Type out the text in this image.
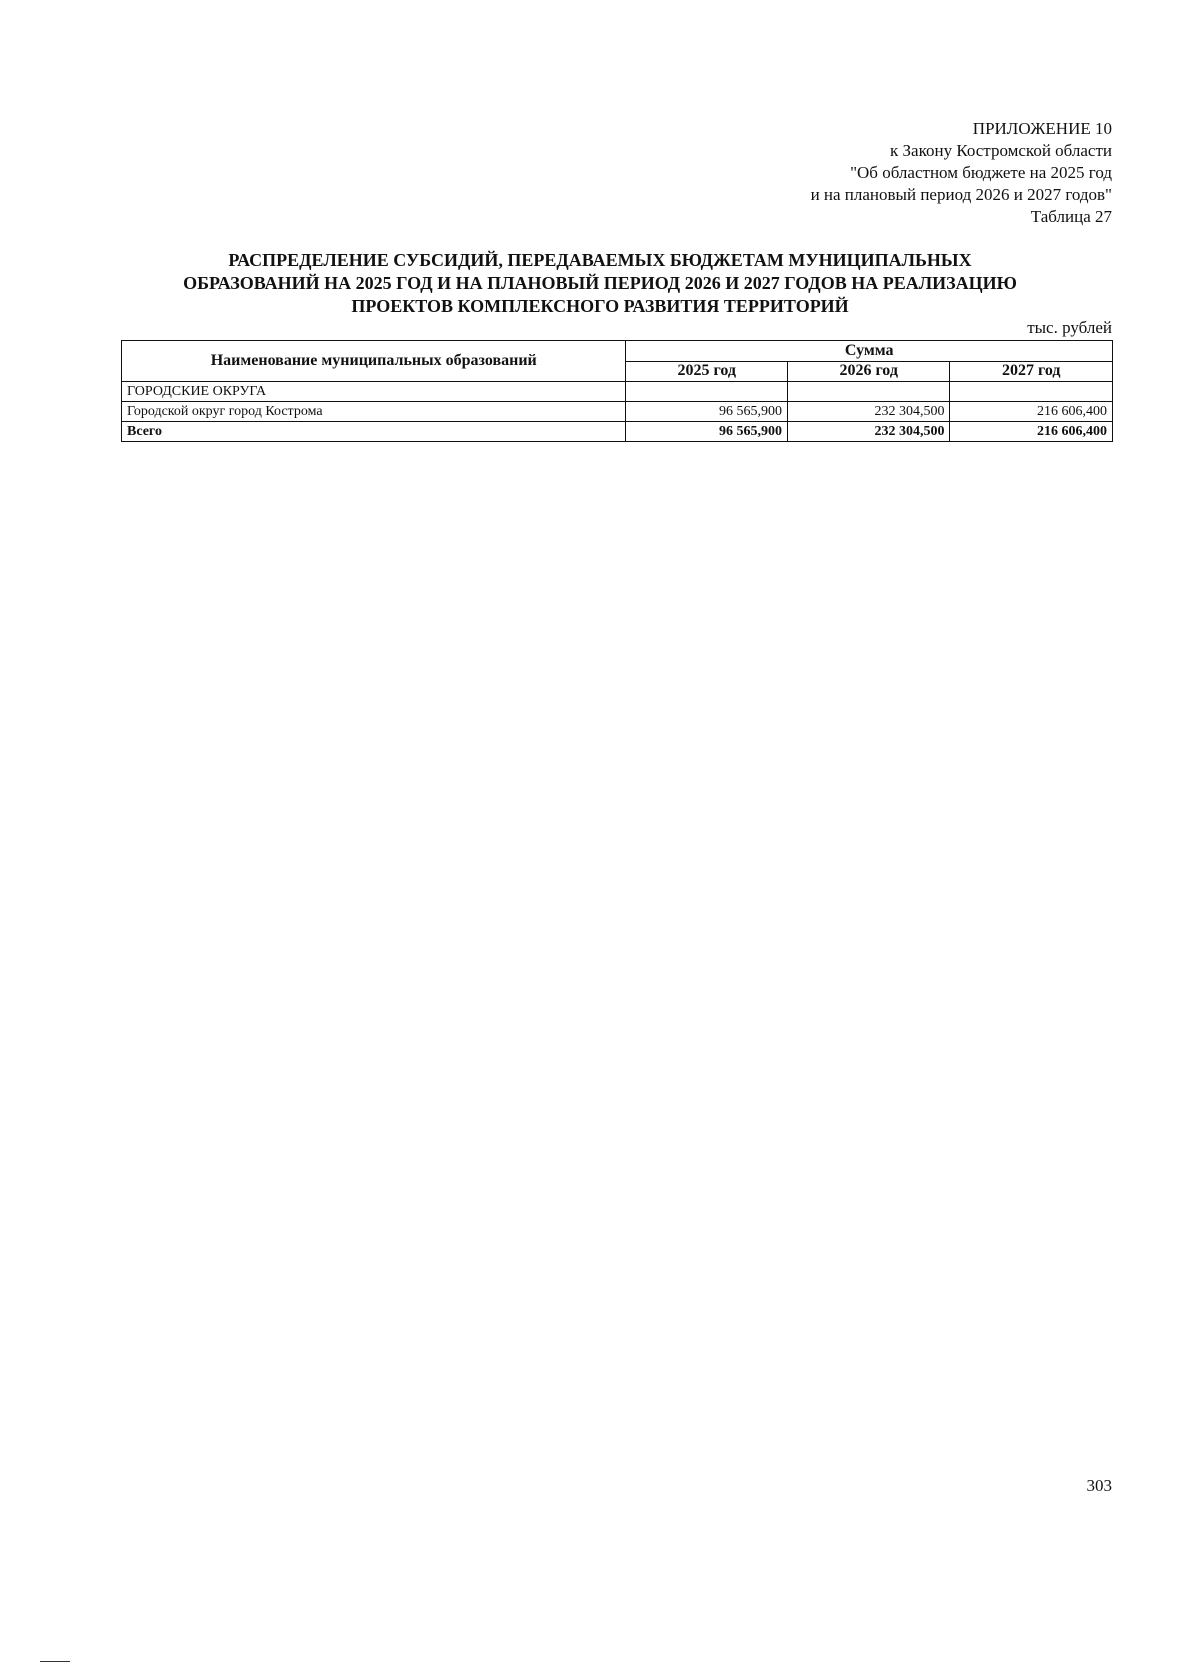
ПРИЛОЖЕНИЕ 10
к Закону Костромской области
"Об областном бюджете на 2025 год
и на плановый период 2026 и 2027 годов"
Таблица 27
РАСПРЕДЕЛЕНИЕ СУБСИДИЙ, ПЕРЕДАВАЕМЫХ БЮДЖЕТАМ МУНИЦИПАЛЬНЫХ
ОБРАЗОВАНИЙ НА 2025 ГОД И НА ПЛАНОВЫЙ ПЕРИОД 2026 И 2027 ГОДОВ НА РЕАЛИЗАЦИЮ
ПРОЕКТОВ КОМПЛЕКСНОГО РАЗВИТИЯ ТЕРРИТОРИЙ
тыс. рублей
Наименование муниципальных образований	Сумма		
	2025 год	2026 год	2027 год
ГОРОДСКИЕ ОКРУГА			
Городской округ город Кострома	96 565,900	232 304,500	216 606,400
Всего	96 565,900	232 304,500	216 606,400
303
